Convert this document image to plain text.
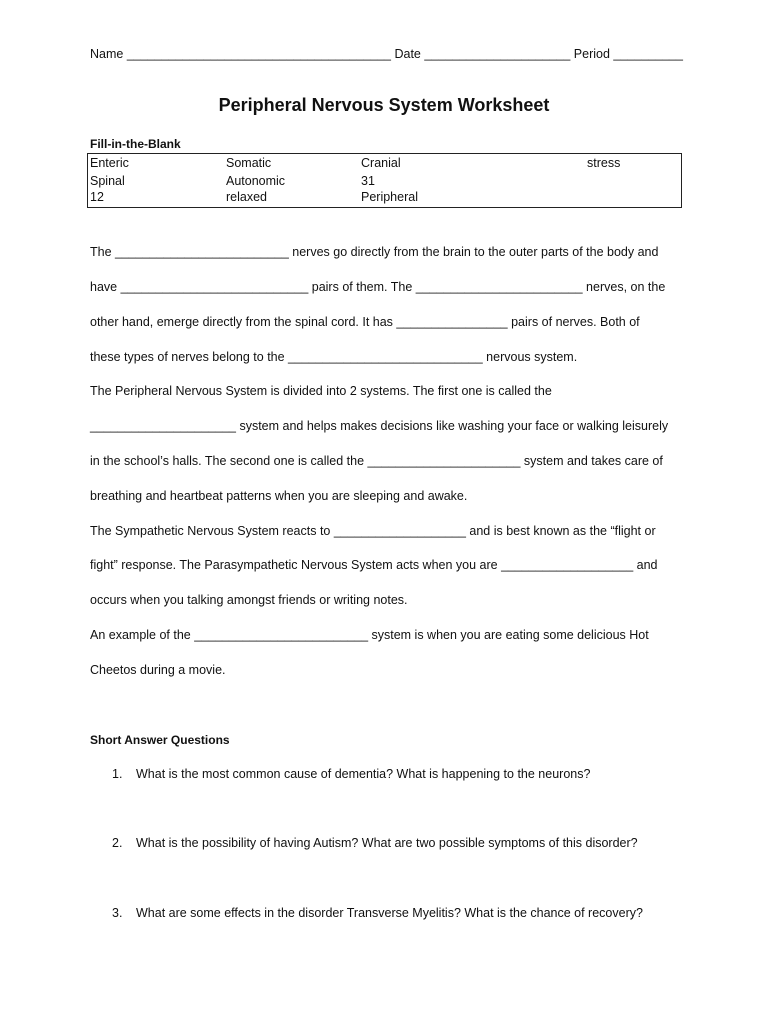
Name ______________________________________ Date _____________________ Period __________
Peripheral Nervous System Worksheet
Fill-in-the-Blank
Enteric	Somatic	Cranial	stress
Spinal	Autonomic	31
12	relaxed	Peripheral
The _________________________ nerves go directly from the brain to the outer parts of the body and
have ___________________________ pairs of them. The ________________________ nerves, on the
other hand, emerge directly from the spinal cord. It has ________________ pairs of nerves. Both of
these types of nerves belong to the ____________________________ nervous system.
The Peripheral Nervous System is divided into 2 systems. The first one is called the
_____________________ system and helps makes decisions like washing your face or walking leisurely
in the school’s halls. The second one is called the ______________________ system and takes care of
breathing and heartbeat patterns when you are sleeping and awake.
The Sympathetic Nervous System reacts to ___________________ and is best known as the “flight or
fight” response. The Parasympathetic Nervous System acts when you are ___________________ and
occurs when you talking amongst friends or writing notes.
An example of the _________________________ system is when you are eating some delicious Hot
Cheetos during a movie.
Short Answer Questions
1. What is the most common cause of dementia? What is happening to the neurons?
2. What is the possibility of having Autism? What are two possible symptoms of this disorder?
3. What are some effects in the disorder Transverse Myelitis? What is the chance of recovery?
